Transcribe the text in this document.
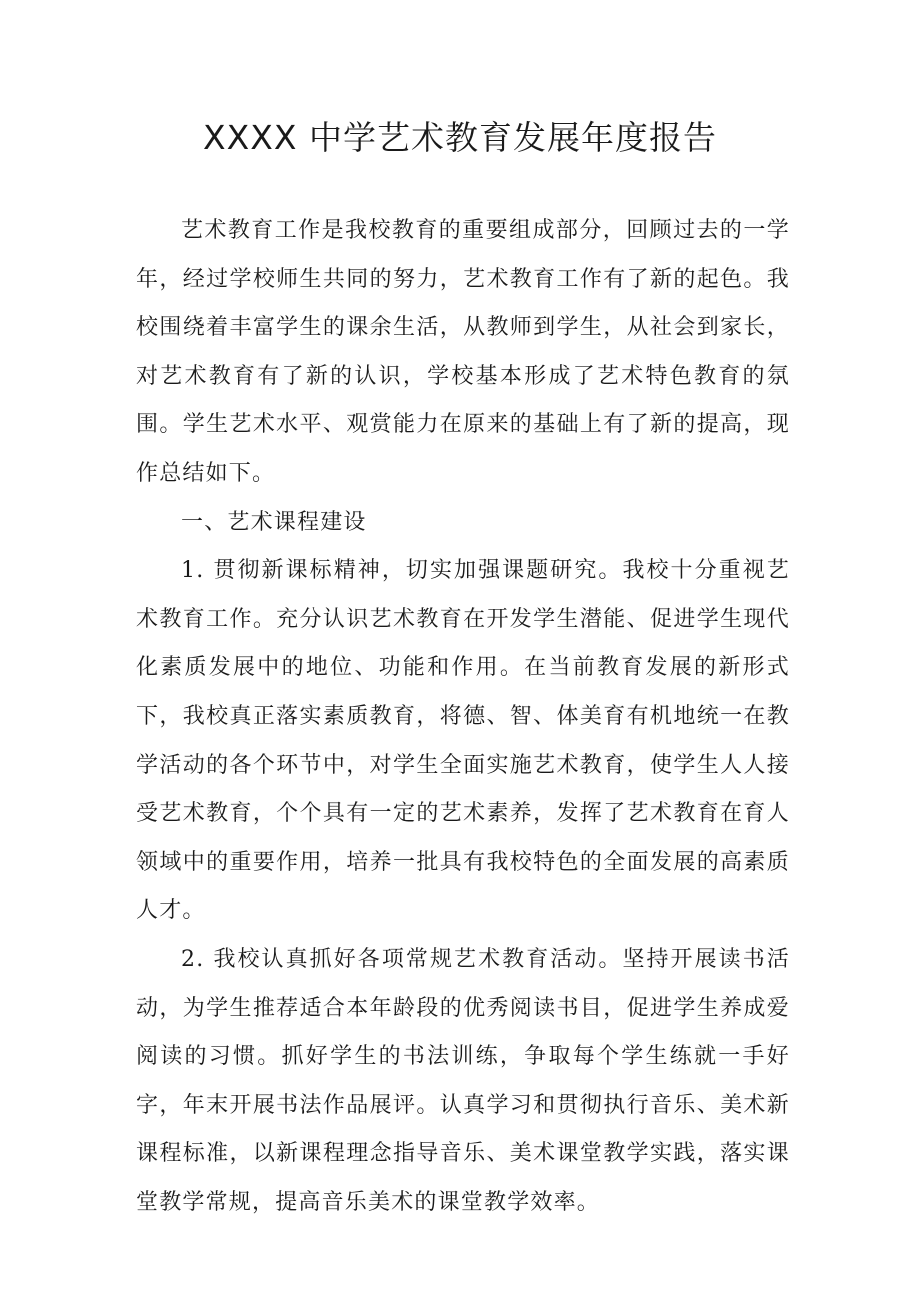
XXXX 中学艺术教育发展年度报告

艺术教育工作是我校教育的重要组成部分，回顾过去的一学年，经过学校师生共同的努力，艺术教育工作有了新的起色。我校围绕着丰富学生的课余生活，从教师到学生，从社会到家长，对艺术教育有了新的认识，学校基本形成了艺术特色教育的氛围。学生艺术水平、观赏能力在原来的基础上有了新的提高，现作总结如下。

一、艺术课程建设

1. 贯彻新课标精神，切实加强课题研究。我校十分重视艺术教育工作。充分认识艺术教育在开发学生潜能、促进学生现代化素质发展中的地位、功能和作用。在当前教育发展的新形式下，我校真正落实素质教育，将德、智、体美育有机地统一在教学活动的各个环节中，对学生全面实施艺术教育，使学生人人接受艺术教育，个个具有一定的艺术素养，发挥了艺术教育在育人领域中的重要作用，培养一批具有我校特色的全面发展的高素质人才。

2. 我校认真抓好各项常规艺术教育活动。坚持开展读书活动，为学生推荐适合本年龄段的优秀阅读书目，促进学生养成爱阅读的习惯。抓好学生的书法训练，争取每个学生练就一手好字，年末开展书法作品展评。认真学习和贯彻执行音乐、美术新课程标准，以新课程理念指导音乐、美术课堂教学实践，落实课堂教学常规，提高音乐美术的课堂教学效率。
